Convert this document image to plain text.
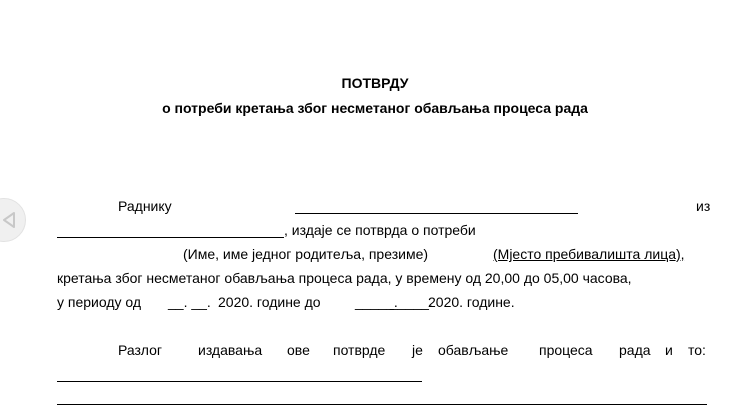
ПОТВРДУ
о потреби кретања због несметаног обављања процеса рада
Раднику	из
, издаје се потврда о потреби
(Име, име једног родитеља, презиме)	(Мјесто пребивалишта лица),
кретања због несметаног обављања процеса рада, у времену од 20,00 до 05,00 часова,
у периоду од __. __. 2020. године до _____.
_____.
2020. године.
Разлог	издавања ове потврде је обављање процеса рада и то:
